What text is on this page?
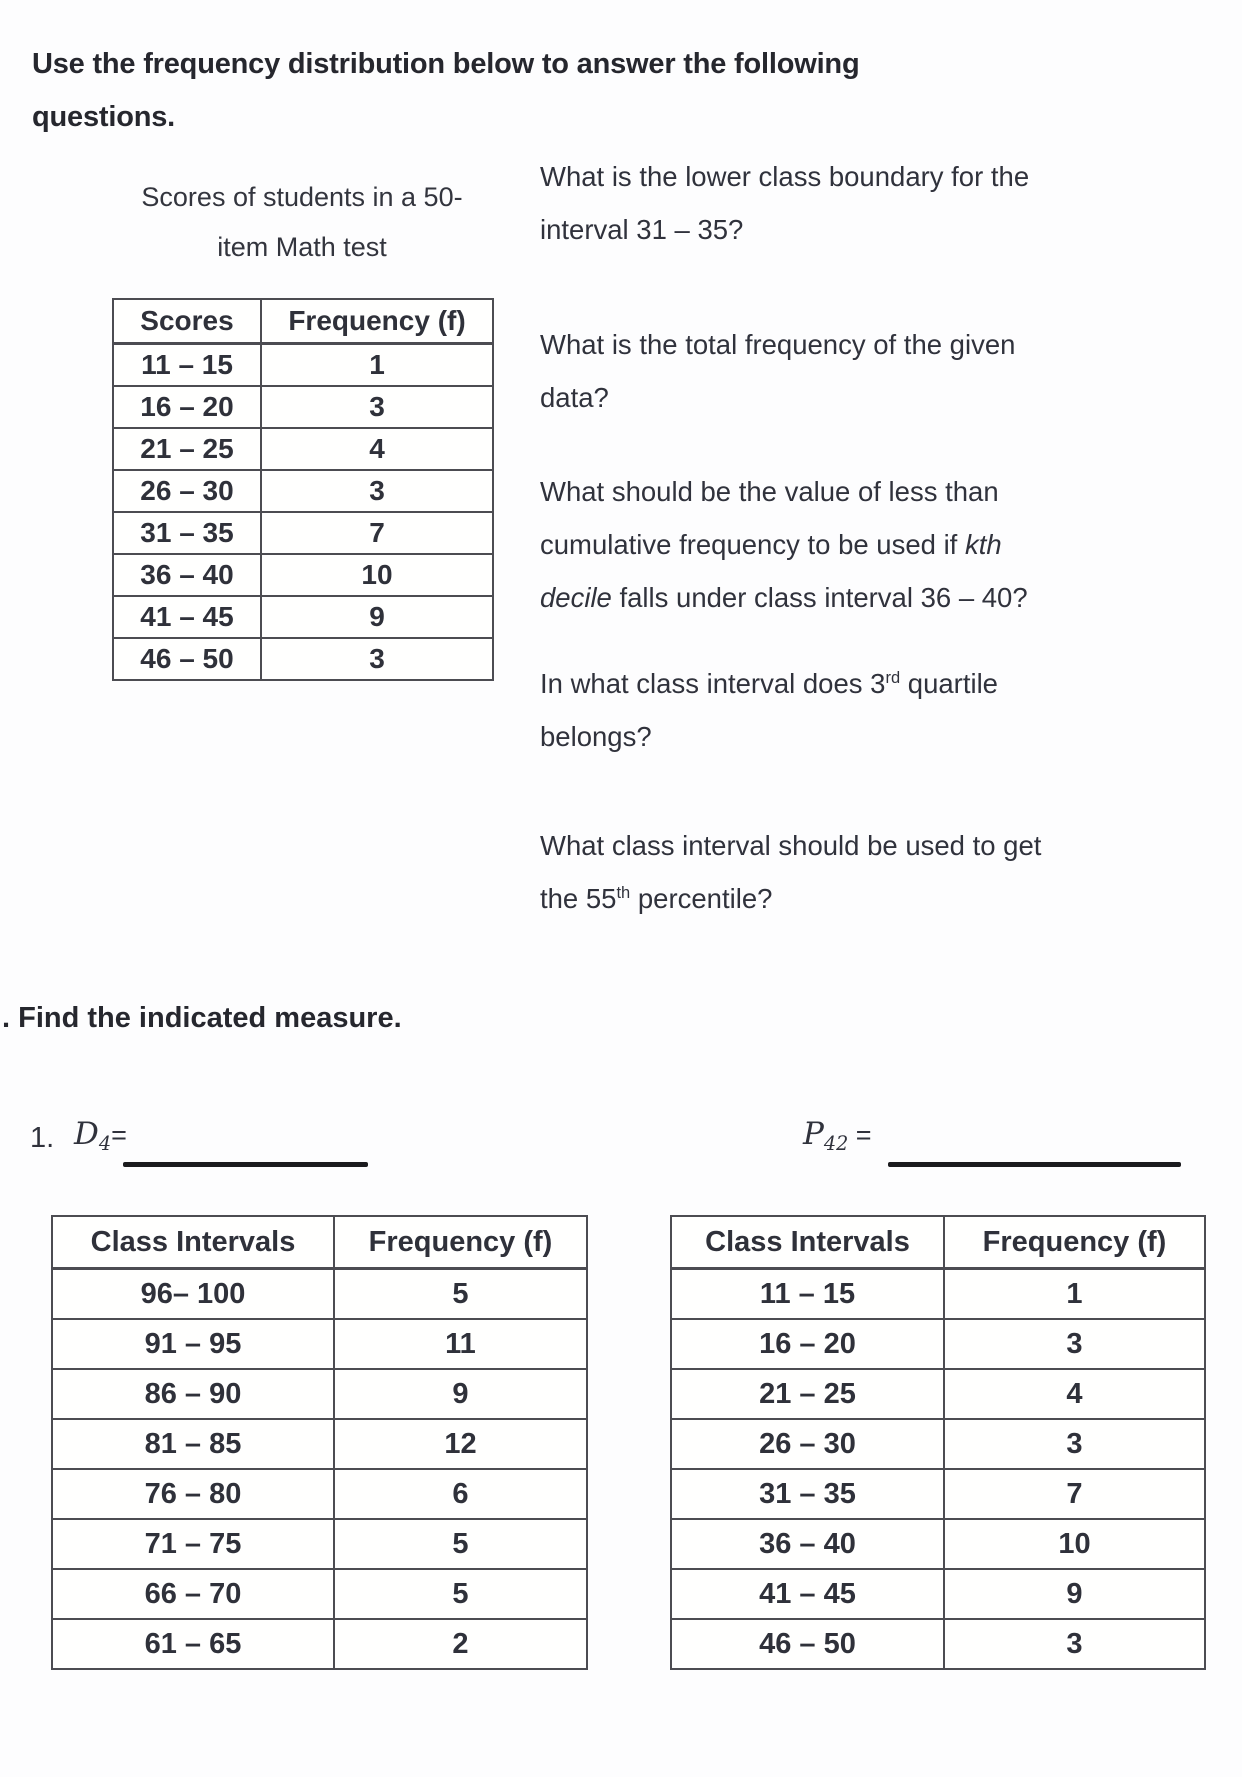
Use the frequency distribution below to answer the following
questions.
Scores of students in a 50-
item Math test
Scores	Frequency (f)
11 – 15	1
16 – 20	3
21 – 25	4
26 – 30	3
31 – 35	7
36 – 40	10
41 – 45	9
46 – 50	3

What is the lower class boundary for the interval 31 – 35?

What is the total frequency of the given data?

What should be the value of less than cumulative frequency to be used if kth decile falls under class interval 36 – 40?

In what class interval does 3rd quartile belongs?

What class interval should be used to get the 55th percentile?

. Find the indicated measure.
1. $D_4=$	$P_{42}$ =
Class Intervals	Frequency (f)
96– 100	5
91 – 95	11
86 – 90	9
81 – 85	12
76 – 80	6
71 – 75	5
66 – 70	5
61 – 65	2
Class Intervals	Frequency (f)
11 – 15	1
16 – 20	3
21 – 25	4
26 – 30	3
31 – 35	7
36 – 40	10
41 – 45	9
46 – 50	3
